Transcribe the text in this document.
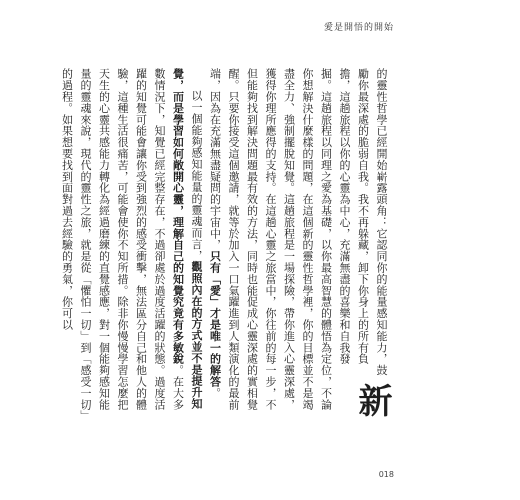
愛是開悟的開始

新
的靈性哲學已經開始嶄露頭角：它認同你的能量感知能力，鼓勵你最深處的脆弱自我。我不再躲藏，卸下你身上的所有負擔，這趟旅程以你的心靈為中心，充滿無盡的喜樂和自我發掘。這趟旅程以同理之愛為基礎，以你最高智慧的體悟為定位，不論你想解決什麼樣的問題，在這個新的靈性哲學裡，你的目標並不是竭盡全力、強制擺脫知覺。這趟旅程是一場探險，帶你進入心靈深處，獲得你理所應得的支持。在這趟心靈之旅當中，你往前的每一步，不但能夠找到解決問題最有效的方法，同時也能促成心靈深處的實相覺醒。只要你接受這個邀請，就等於加入一口氣躍進到人類演化的最前端，因為在充滿無盡疑問的宇宙中，只有「愛」才是唯一的解答。

以一個能夠感知能量的靈魂而言，觀照內在的方式並不是提升知覺，而是學習如何敞開心靈，理解自己的知覺究竟有多敏銳。在大多數情況下，知覺已經完整存在，不過卻處於過度活躍的狀態。過度活躍的知覺可能會讓你受到強烈的感受衝擊，無法區分自己和他人的體驗，這種生活很痛苦，可能會使你不知所措。除非你慢慢學習怎麼把天生的心靈共感能力轉化為經過磨練的直覺感應，對一個能夠感知能量的靈魂來說，現代的靈性之旅，就是從「懼怕一切」到「感受一切」的過程。如果想要找到面對過去經驗的勇氣，你可以

018
